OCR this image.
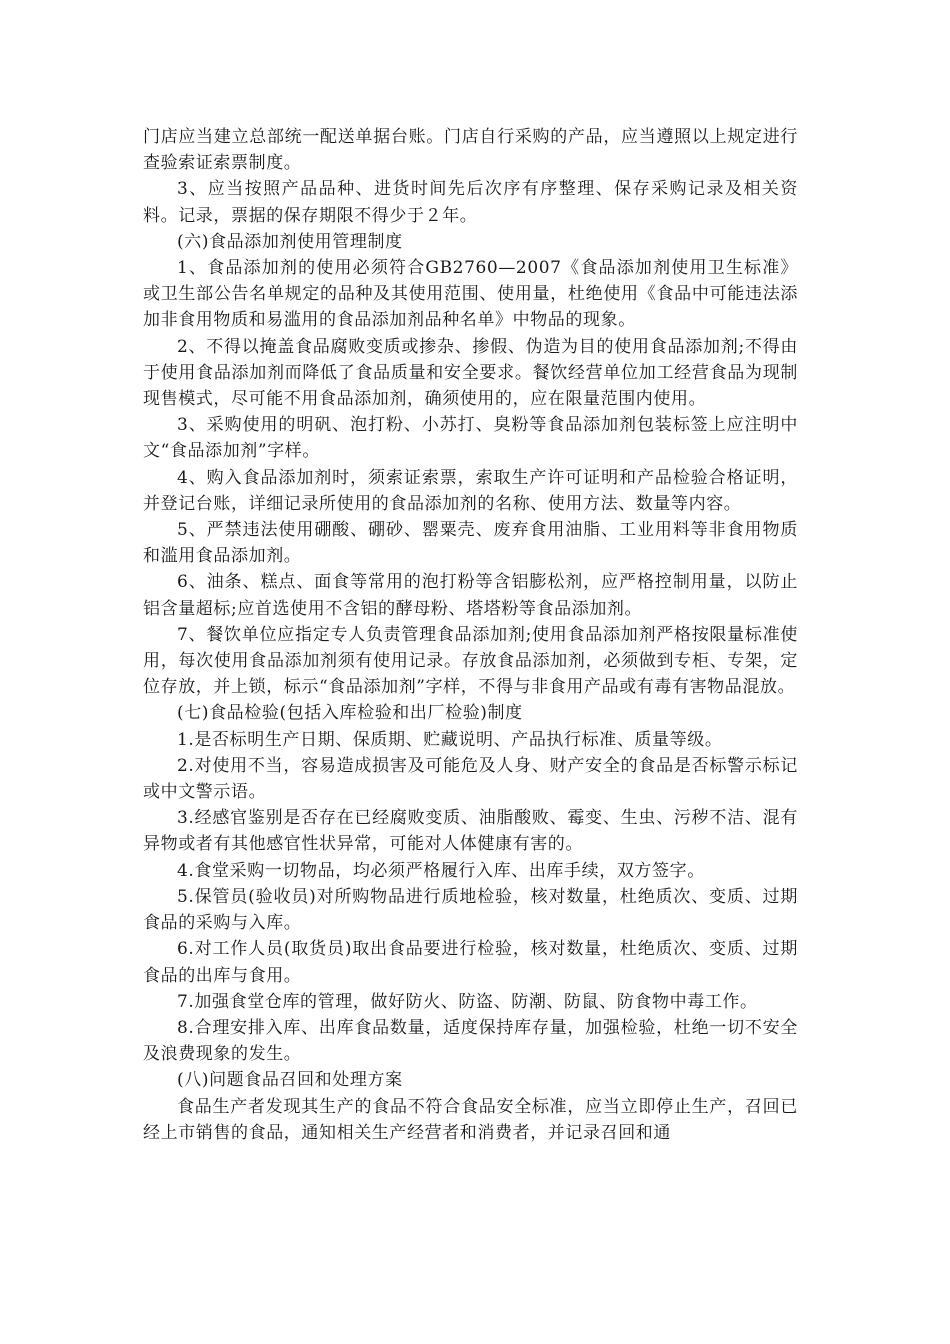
门店应当建立总部统一配送单据台账。门店自行采购的产品，应当遵照以上规定进行查验索证索票制度。

3、应当按照产品品种、进货时间先后次序有序整理、保存采购记录及相关资料。记录，票据的保存期限不得少于２年。

(六)食品添加剂使用管理制度

1、食品添加剂的使用必须符合GB2760—2007《食品添加剂使用卫生标准》或卫生部公告名单规定的品种及其使用范围、使用量，杜绝使用《食品中可能违法添加非食用物质和易滥用的食品添加剂品种名单》中物品的现象。

2、不得以掩盖食品腐败变质或掺杂、掺假、伪造为目的使用食品添加剂;不得由于使用食品添加剂而降低了食品质量和安全要求。餐饮经营单位加工经营食品为现制现售模式，尽可能不用食品添加剂，确须使用的，应在限量范围内使用。

3、采购使用的明矾、泡打粉、小苏打、臭粉等食品添加剂包装标签上应注明中文“食品添加剂”字样。

4、购入食品添加剂时，须索证索票，索取生产许可证明和产品检验合格证明，并登记台账，详细记录所使用的食品添加剂的名称、使用方法、数量等内容。

5、严禁违法使用硼酸、硼砂、罂粟壳、废弃食用油脂、工业用料等非食用物质和滥用食品添加剂。

6、油条、糕点、面食等常用的泡打粉等含铝膨松剂，应严格控制用量，以防止铝含量超标;应首选使用不含铝的酵母粉、塔塔粉等食品添加剂。

7、餐饮单位应指定专人负责管理食品添加剂;使用食品添加剂严格按限量标准使用，每次使用食品添加剂须有使用记录。存放食品添加剂，必须做到专柜、专架，定位存放，并上锁，标示“食品添加剂”字样，不得与非食用产品或有毒有害物品混放。

(七)食品检验(包括入库检验和出厂检验)制度

1.是否标明生产日期、保质期、贮藏说明、产品执行标准、质量等级。

2.对使用不当，容易造成损害及可能危及人身、财产安全的食品是否标警示标记或中文警示语。

3.经感官鉴别是否存在已经腐败变质、油脂酸败、霉变、生虫、污秽不洁、混有异物或者有其他感官性状异常，可能对人体健康有害的。

4.食堂采购一切物品，均必须严格履行入库、出库手续，双方签字。

5.保管员(验收员)对所购物品进行质地检验，核对数量，杜绝质次、变质、过期食品的采购与入库。

6.对工作人员(取货员)取出食品要进行检验，核对数量，杜绝质次、变质、过期食品的出库与食用。

7.加强食堂仓库的管理，做好防火、防盗、防潮、防鼠、防食物中毒工作。

8.合理安排入库、出库食品数量，适度保持库存量，加强检验，杜绝一切不安全及浪费现象的发生。

(八)问题食品召回和处理方案

食品生产者发现其生产的食品不符合食品安全标准，应当立即停止生产，召回已经上市销售的食品，通知相关生产经营者和消费者，并记录召回和通
